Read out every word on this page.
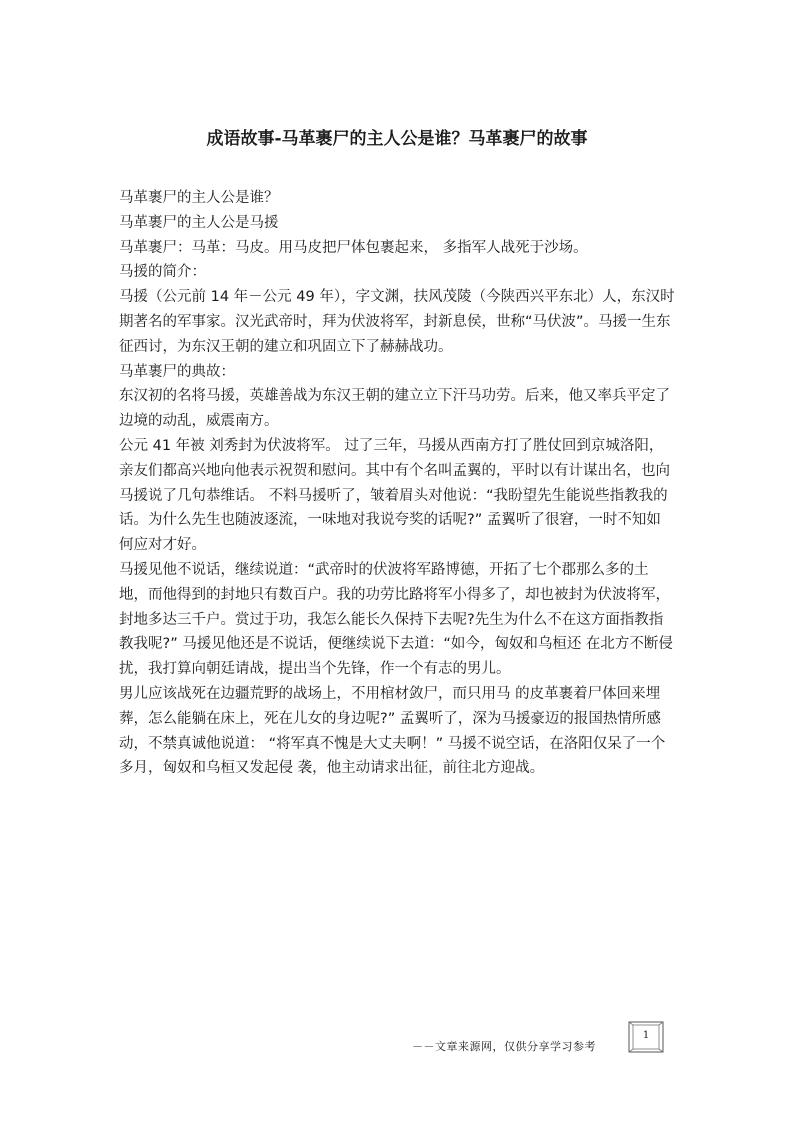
成语故事-马革裹尸的主人公是谁？马革裹尸的故事

马革裹尸的主人公是谁？

马革裹尸的主人公是马援

马革裹尸：马革：马皮。用马皮把尸体包裹起来， 多指军人战死于沙场。

马援的简介：

马援（公元前 14 年－公元 49 年），字文渊，扶风茂陵（今陕西兴平东北）人，东汉时期著名的军事家。汉光武帝时，拜为伏波将军，封新息侯，世称“马伏波”。马援一生东征西讨，为东汉王朝的建立和巩固立下了赫赫战功。

马革裹尸的典故：

东汉初的名将马援，英雄善战为东汉王朝的建立立下汗马功劳。后来，他又率兵平定了边境的动乱，威震南方。

公元 41 年被 刘秀封为伏波将军。 过了三年，马援从西南方打了胜仗回到京城洛阳，亲友们都高兴地向他表示祝贺和慰问。其中有个名叫孟翼的，平时以有计谋出名，也向马援说了几句恭维话。 不料马援听了，皱着眉头对他说：“我盼望先生能说些指教我的话。为什么先生也随波逐流，一味地对我说夸奖的话呢?” 孟翼听了很窘，一时不知如何应对才好。

马援见他不说话，继续说道：“武帝时的伏波将军路博德，开拓了七个郡那么多的土地，而他得到的封地只有数百户。我的功劳比路将军小得多了，却也被封为伏波将军，封地多达三千户。赏过于功，我怎么能长久保持下去呢?先生为什么不在这方面指教指教我呢?” 马援见他还是不说话，便继续说下去道：“如今，匈奴和乌桓还 在北方不断侵扰，我打算向朝廷请战，提出当个先锋，作一个有志的男儿。

男儿应该战死在边疆荒野的战场上，不用棺材敛尸，而只用马 的皮革裹着尸体回来埋葬，怎么能躺在床上，死在儿女的身边呢?” 孟翼听了，深为马援豪迈的报国热情所感动，不禁真诚他说道： “将军真不愧是大丈夫啊！” 马援不说空话，在洛阳仅呆了一个多月，匈奴和乌桓又发起侵 袭，他主动请求出征，前往北方迎战。

－－文章来源网，仅供分享学习参考
1
